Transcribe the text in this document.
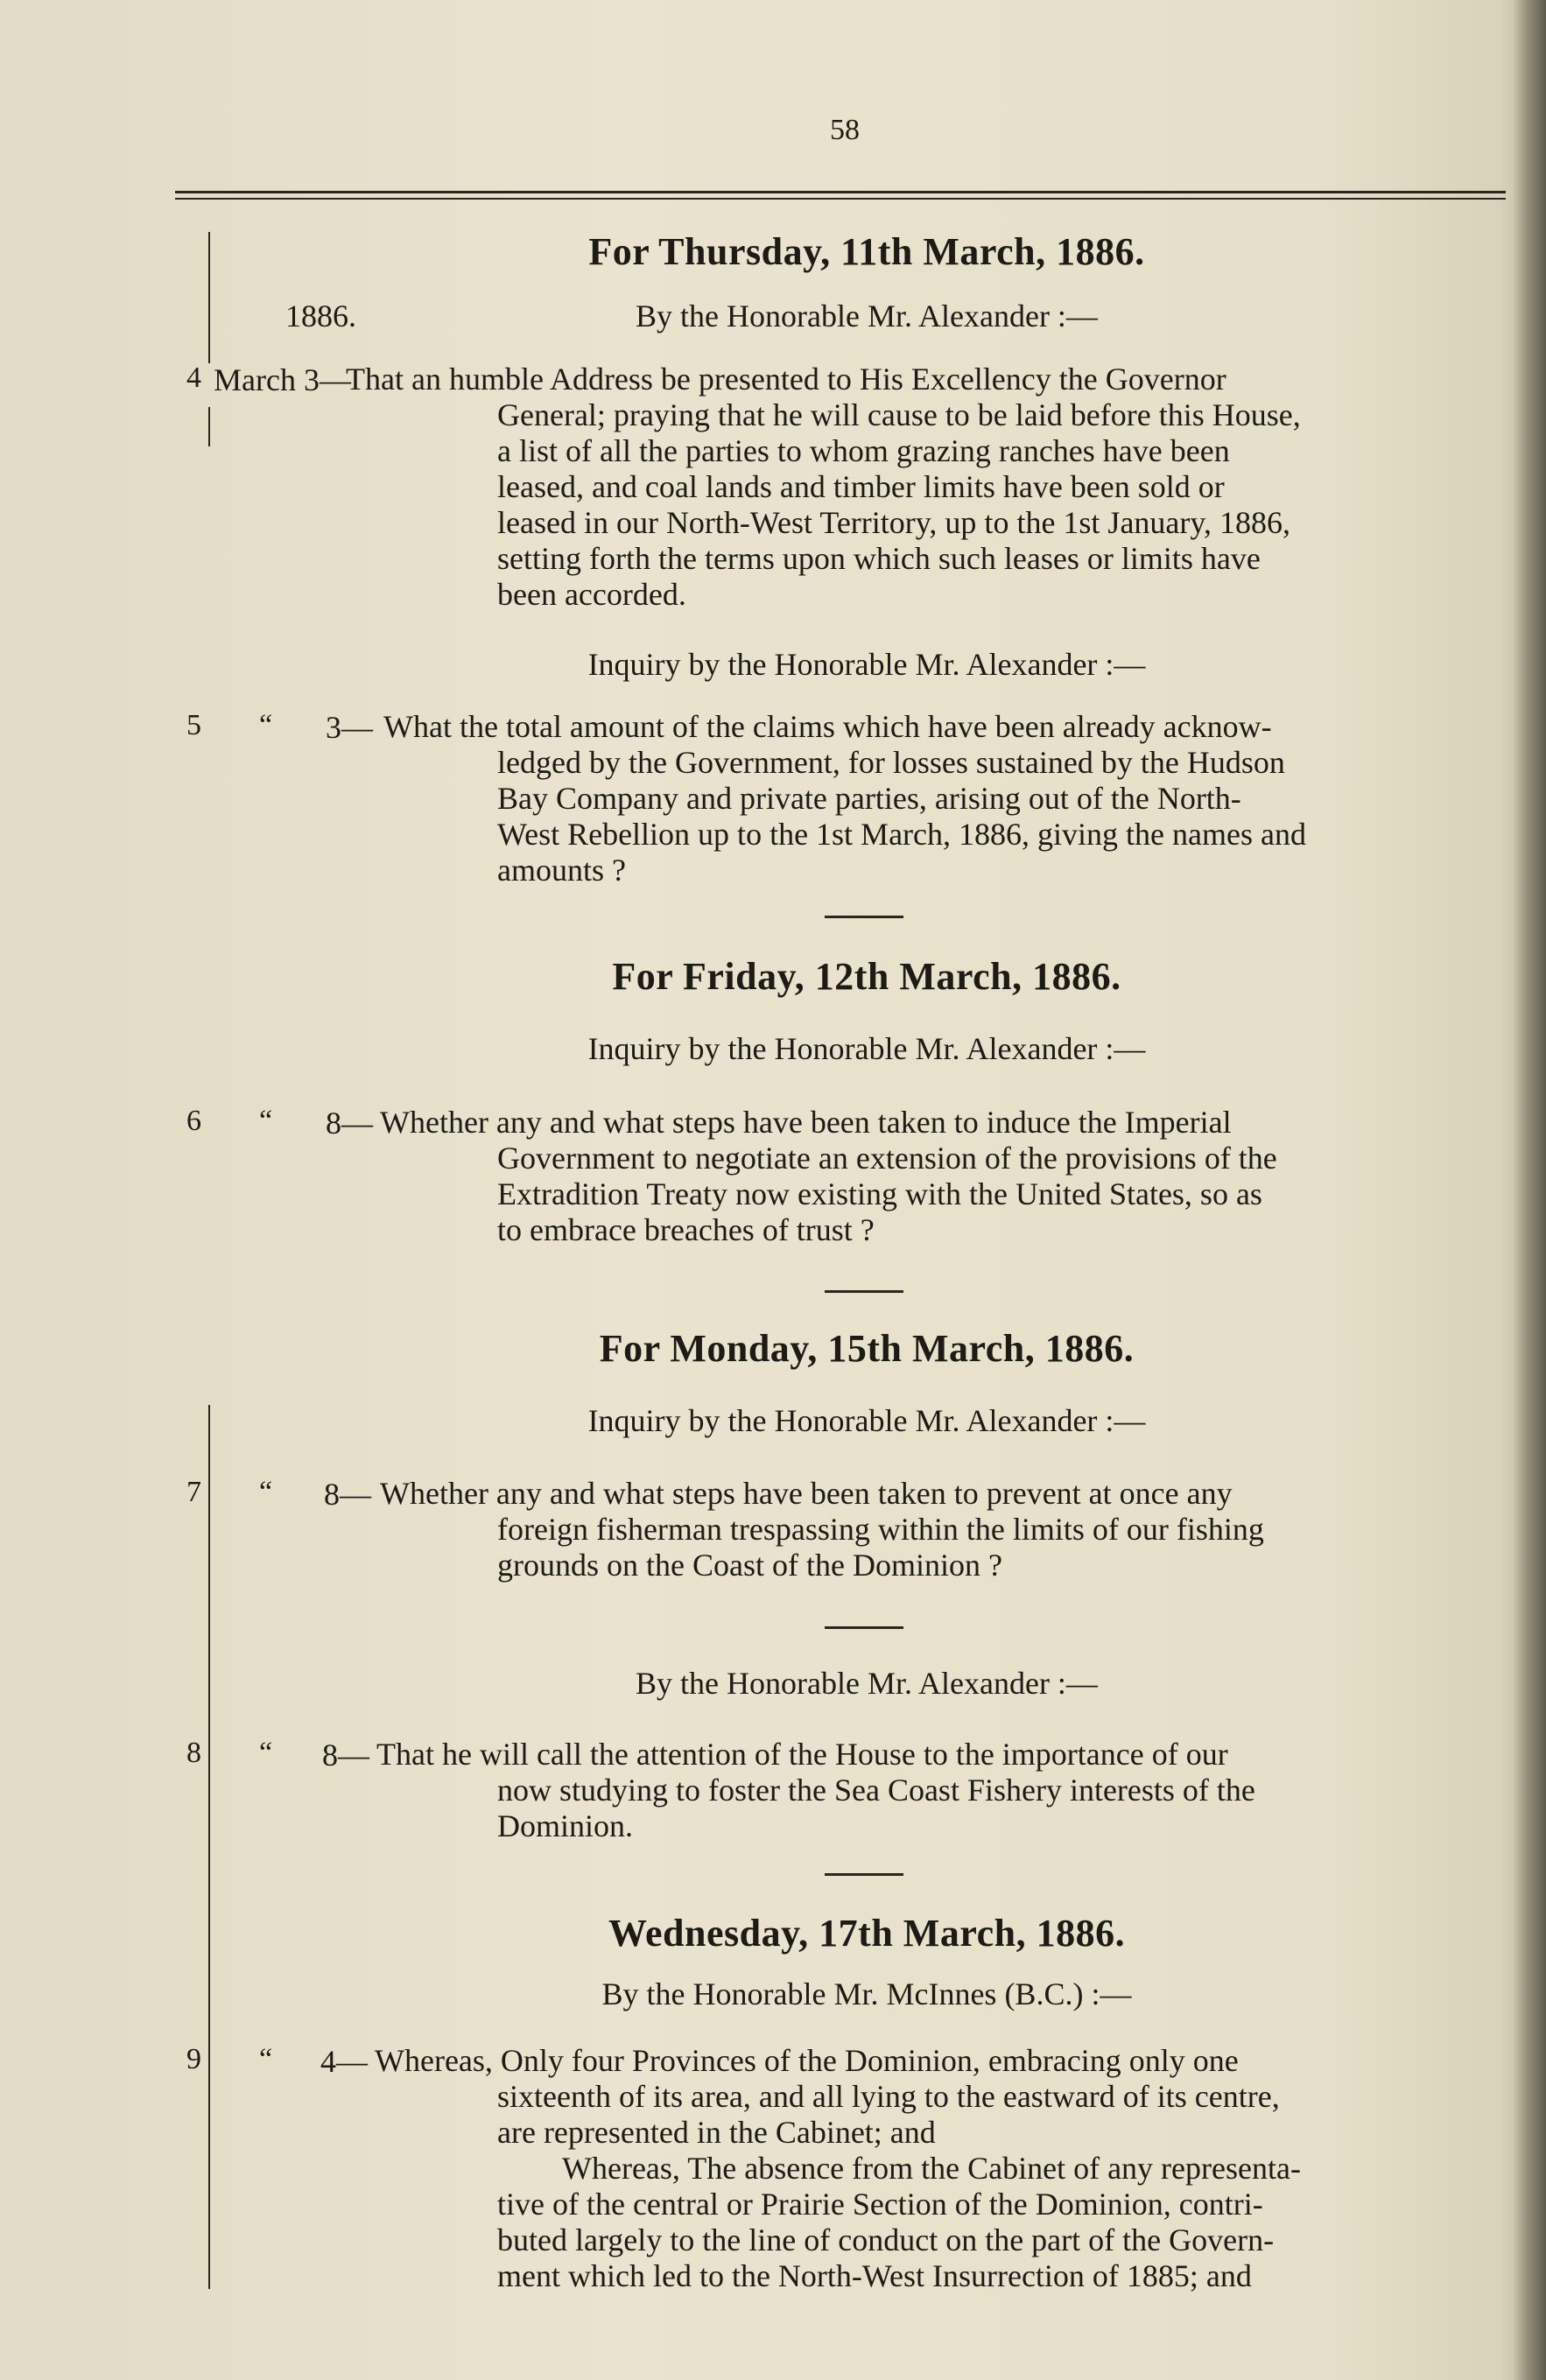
58
For Thursday, 11th March, 1886.
1886.	By the Honorable Mr. Alexander :—
4 March 3—
That an humble Address be presented to His Excellency the Governor
General; praying that he will cause to be laid before this House,
a list of all the parties to whom grazing ranches have been
leased, and coal lands and timber limits have been sold or
leased in our North-West Territory, up to the 1st January, 1886,
setting forth the terms upon which such leases or limits have
been accorded.
Inquiry by the Honorable Mr. Alexander :—
5 “ 3— What the total amount of the claims which have been already acknow-
ledged by the Government, for losses sustained by the Hudson
Bay Company and private parties, arising out of the North-
West Rebellion up to the 1st March, 1886, giving the names and
amounts ?
For Friday, 12th March, 1886.
Inquiry by the Honorable Mr. Alexander :—
6 “ 8— Whether any and what steps have been taken to induce the Imperial
Government to negotiate an extension of the provisions of the
Extradition Treaty now existing with the United States, so as
to embrace breaches of trust ?
For Monday, 15th March, 1886.
Inquiry by the Honorable Mr. Alexander :—
7 “ 8— Whether any and what steps have been taken to prevent at once any
foreign fisherman trespassing within the limits of our fishing
grounds on the Coast of the Dominion ?
By the Honorable Mr. Alexander :—
8 “ 8— That he will call the attention of the House to the importance of our
now studying to foster the Sea Coast Fishery interests of the
Dominion.
Wednesday, 17th March, 1886.
By the Honorable Mr. McInnes (B.C.) :—
9 “ 4— Whereas, Only four Provinces of the Dominion, embracing only one
sixteenth of its area, and all lying to the eastward of its centre,
are represented in the Cabinet; and
Whereas, The absence from the Cabinet of any representa-
tive of the central or Prairie Section of the Dominion, contri-
buted largely to the line of conduct on the part of the Govern-
ment which led to the North-West Insurrection of 1885; and
